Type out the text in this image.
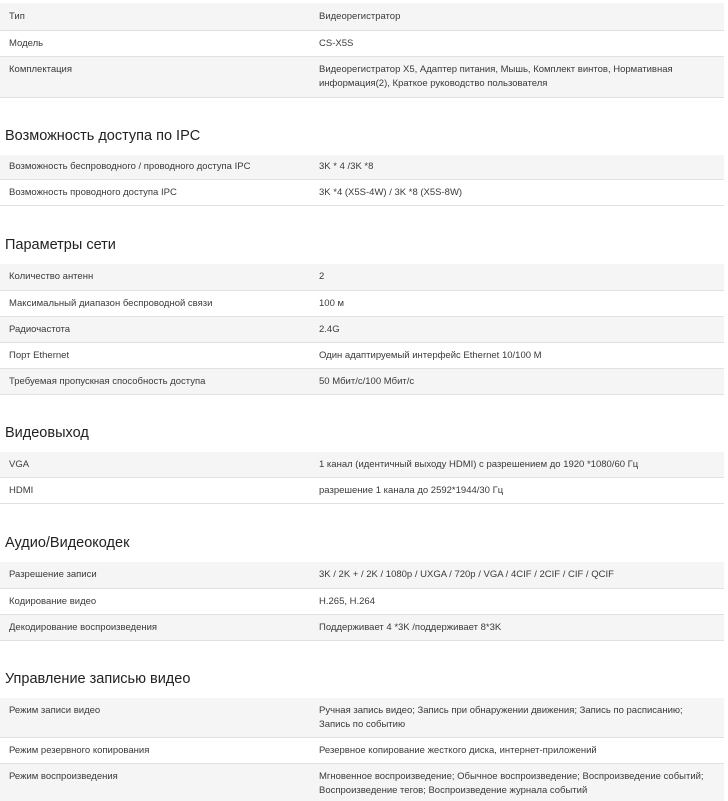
Тип	Видеорегистратор
Модель	CS-X5S
Комплектация	Видеорегистратор X5, Адаптер питания, Мышь, Комплект винтов, Нормативная информация(2), Краткое руководство пользователя
Возможность доступа по IPC
Возможность беспроводного / проводного доступа IPC	3K * 4 /3K *8
Возможность проводного доступа IPC	3K *4 (X5S-4W) / 3K *8 (X5S-8W)
Параметры сети
Количество антенн	2
Максимальный диапазон беспроводной связи	100 м
Радиочастота	2.4G
Порт Ethernet	Один адаптируемый интерфейс Ethernet 10/100 M
Требуемая пропускная способность доступа	50 Мбит/с/100 Мбит/с
Видеовыход
VGA	1 канал (идентичный выходу HDMI) с разрешением до 1920 *1080/60 Гц
HDMI	разрешение 1 канала до 2592*1944/30 Гц
Аудио/Видеокодек
Разрешение записи	3K / 2K + / 2K / 1080p / UXGA / 720p / VGA / 4CIF / 2CIF / CIF / QCIF
Кодирование видео	H.265, H.264
Декодирование воспроизведения	Поддерживает 4 *3K /поддерживает 8*3K
Управление записью видео
Режим записи видео	Ручная запись видео; Запись при обнаружении движения; Запись по расписанию; Запись по событию
Режим резервного копирования	Резервное копирование жесткого диска, интернет-приложений
Режим воспроизведения	Мгновенное воспроизведение; Обычное воспроизведение; Воспроизведение событий; Воспроизведение тегов; Воспроизведение журнала событий
